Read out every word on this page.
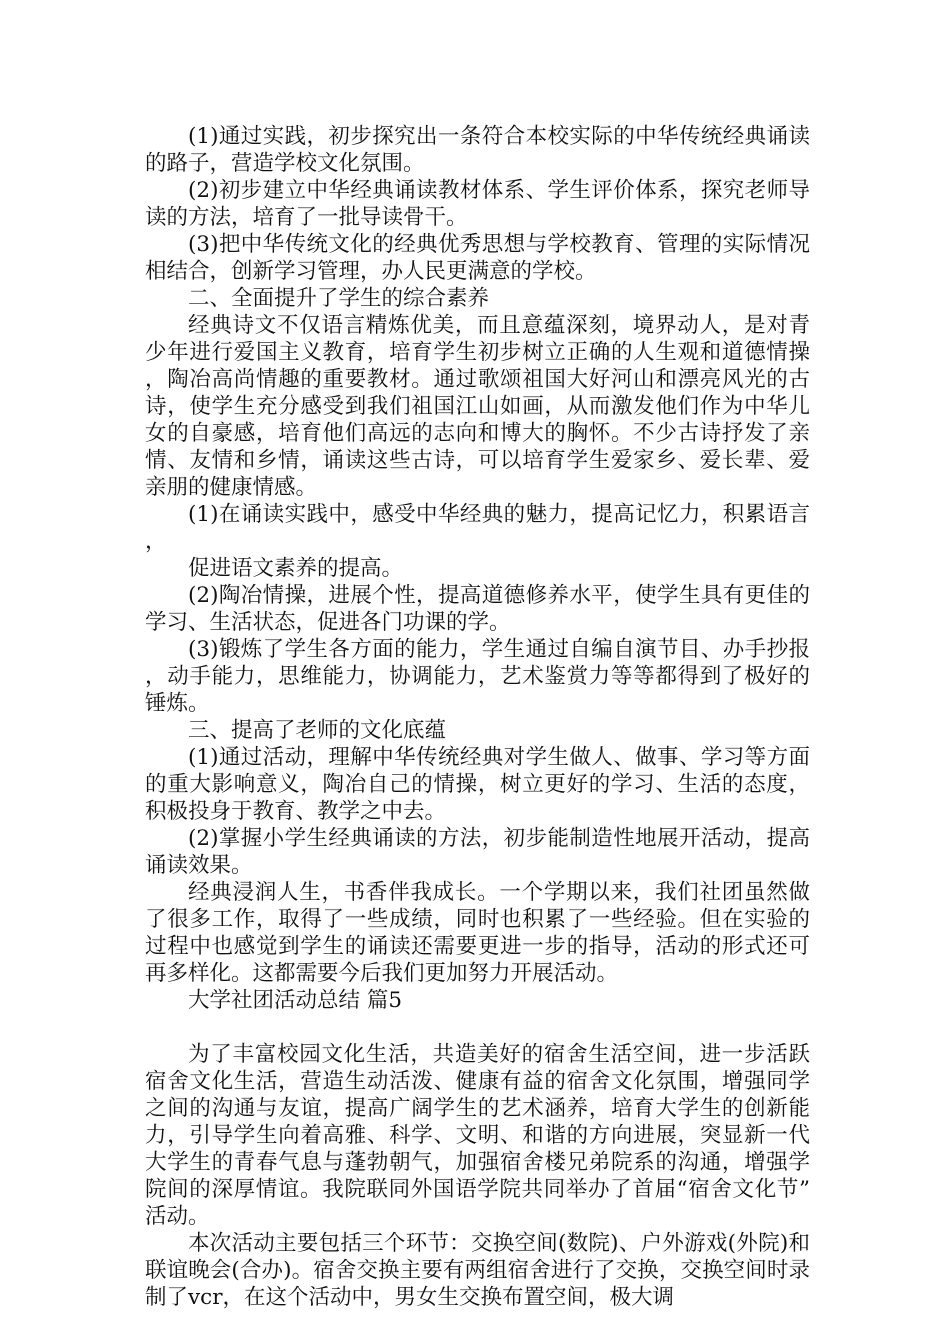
(1)通过实践，初步探究出一条符合本校实际的中华传统经典诵读的路子，营造学校文化氛围。

(2)初步建立中华经典诵读教材体系、学生评价体系，探究老师导读的方法，培育了一批导读骨干。

(3)把中华传统文化的经典优秀思想与学校教育、管理的实际情况相结合，创新学习管理，办人民更满意的学校。

二、全面提升了学生的综合素养

经典诗文不仅语言精炼优美，而且意蕴深刻，境界动人，是对青少年进行爱国主义教育，培育学生初步树立正确的人生观和道德情操，陶冶高尚情趣的重要教材。通过歌颂祖国大好河山和漂亮风光的古诗，使学生充分感受到我们祖国江山如画，从而激发他们作为中华儿女的自豪感，培育他们高远的志向和博大的胸怀。不少古诗抒发了亲情、友情和乡情，诵读这些古诗，可以培育学生爱家乡、爱长辈、爱亲朋的健康情感。

(1)在诵读实践中，感受中华经典的魅力，提高记忆力，积累语言，

促进语文素养的提高。

(2)陶冶情操，进展个性，提高道德修养水平，使学生具有更佳的学习、生活状态，促进各门功课的学。

(3)锻炼了学生各方面的能力，学生通过自编自演节目、办手抄报，动手能力，思维能力，协调能力，艺术鉴赏力等等都得到了极好的锤炼。

三、提高了老师的文化底蕴

(1)通过活动，理解中华传统经典对学生做人、做事、学习等方面的重大影响意义，陶冶自己的情操，树立更好的学习、生活的态度，积极投身于教育、教学之中去。

(2)掌握小学生经典诵读的方法，初步能制造性地展开活动，提高诵读效果。

经典浸润人生，书香伴我成长。一个学期以来，我们社团虽然做了很多工作，取得了一些成绩，同时也积累了一些经验。但在实验的过程中也感觉到学生的诵读还需要更进一步的指导，活动的形式还可再多样化。这都需要今后我们更加努力开展活动。

大学社团活动总结 篇5

为了丰富校园文化生活，共造美好的宿舍生活空间，进一步活跃宿舍文化生活，营造生动活泼、健康有益的宿舍文化氛围，增强同学之间的沟通与友谊，提高广阔学生的艺术涵养，培育大学生的创新能力，引导学生向着高雅、科学、文明、和谐的方向进展，突显新一代大学生的青春气息与蓬勃朝气，加强宿舍楼兄弟院系的沟通，增强学院间的深厚情谊。我院联同外国语学院共同举办了首届“宿舍文化节”活动。

本次活动主要包括三个环节：交换空间(数院)、户外游戏(外院)和联谊晚会(合办)。宿舍交换主要有两组宿舍进行了交换，交换空间时录制了vcr，在这个活动中，男女生交换布置空间，极大调
